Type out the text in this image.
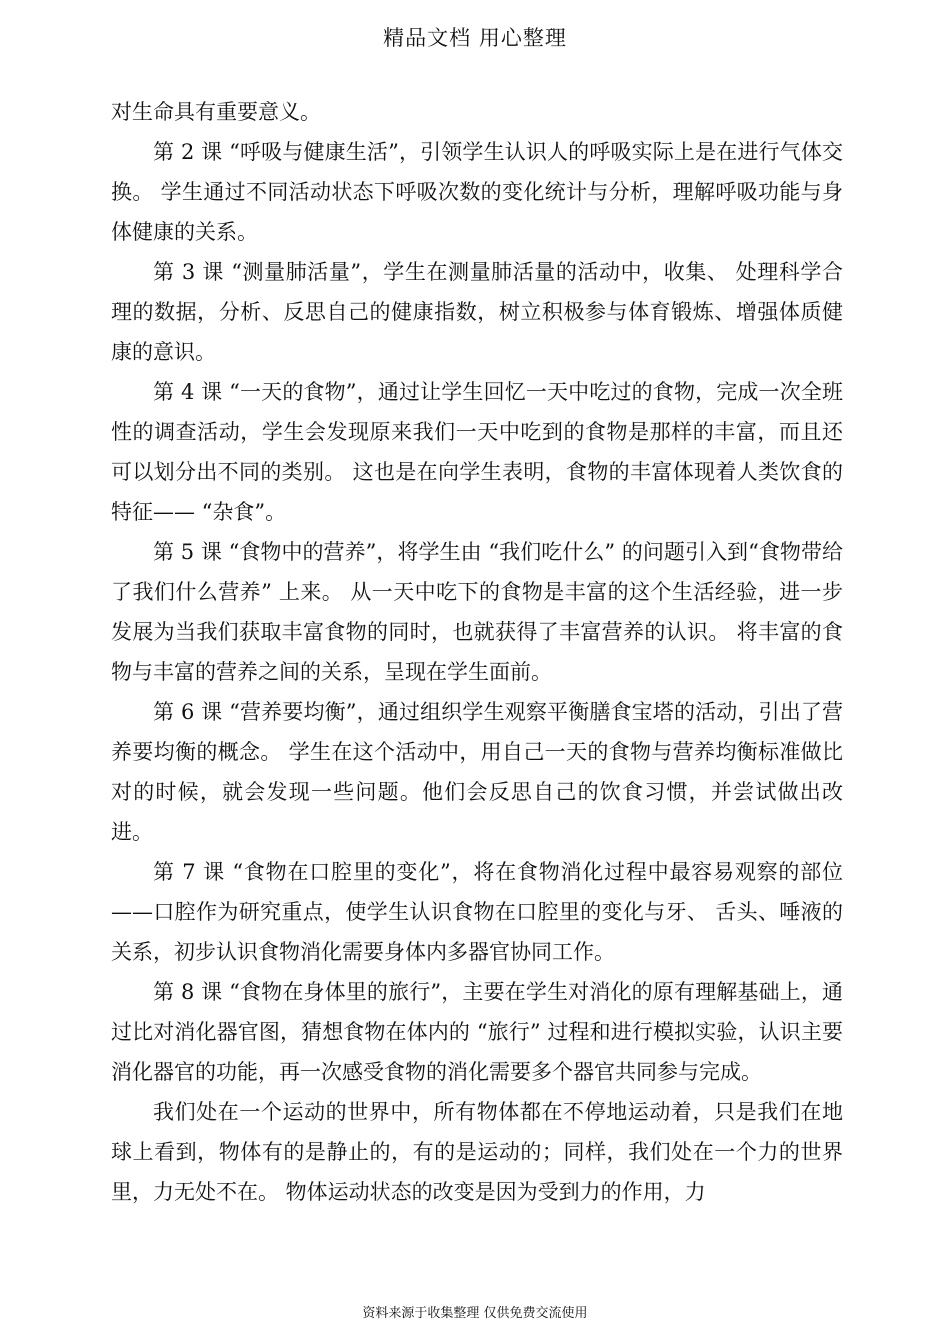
精品文档 用心整理

对生命具有重要意义。

第 2 课 “呼吸与健康生活”，引领学生认识人的呼吸实际上是在进行气体交换。 学生通过不同活动状态下呼吸次数的变化统计与分析，理解呼吸功能与身体健康的关系。

第 3 课 “测量肺活量”，学生在测量肺活量的活动中，收集、 处理科学合理的数据，分析、反思自己的健康指数，树立积极参与体育锻炼、增强体质健康的意识。

第 4 课 “一天的食物”，通过让学生回忆一天中吃过的食物，完成一次全班性的调查活动，学生会发现原来我们一天中吃到的食物是那样的丰富，而且还可以划分出不同的类别。 这也是在向学生表明，食物的丰富体现着人类饮食的特征—— “杂食”。

第 5 课 “食物中的营养”，将学生由 “我们吃什么” 的问题引入到“食物带给了我们什么营养” 上来。 从一天中吃下的食物是丰富的这个生活经验，进一步发展为当我们获取丰富食物的同时，也就获得了丰富营养的认识。 将丰富的食物与丰富的营养之间的关系，呈现在学生面前。

第 6 课 “营养要均衡”，通过组织学生观察平衡膳食宝塔的活动，引出了营养要均衡的概念。 学生在这个活动中，用自己一天的食物与营养均衡标准做比对的时候，就会发现一些问题。他们会反思自己的饮食习惯，并尝试做出改进。

第 7 课 “食物在口腔里的变化”，将在食物消化过程中最容易观察的部位——口腔作为研究重点，使学生认识食物在口腔里的变化与牙、 舌头、唾液的关系，初步认识食物消化需要身体内多器官协同工作。

第 8 课 “食物在身体里的旅行”，主要在学生对消化的原有理解基础上，通过比对消化器官图，猜想食物在体内的 “旅行” 过程和进行模拟实验，认识主要消化器官的功能，再一次感受食物的消化需要多个器官共同参与完成。

我们处在一个运动的世界中，所有物体都在不停地运动着，只是我们在地球上看到，物体有的是静止的，有的是运动的；同样，我们处在一个力的世界里，力无处不在。 物体运动状态的改变是因为受到力的作用，力

资料来源于收集整理 仅供免费交流使用
